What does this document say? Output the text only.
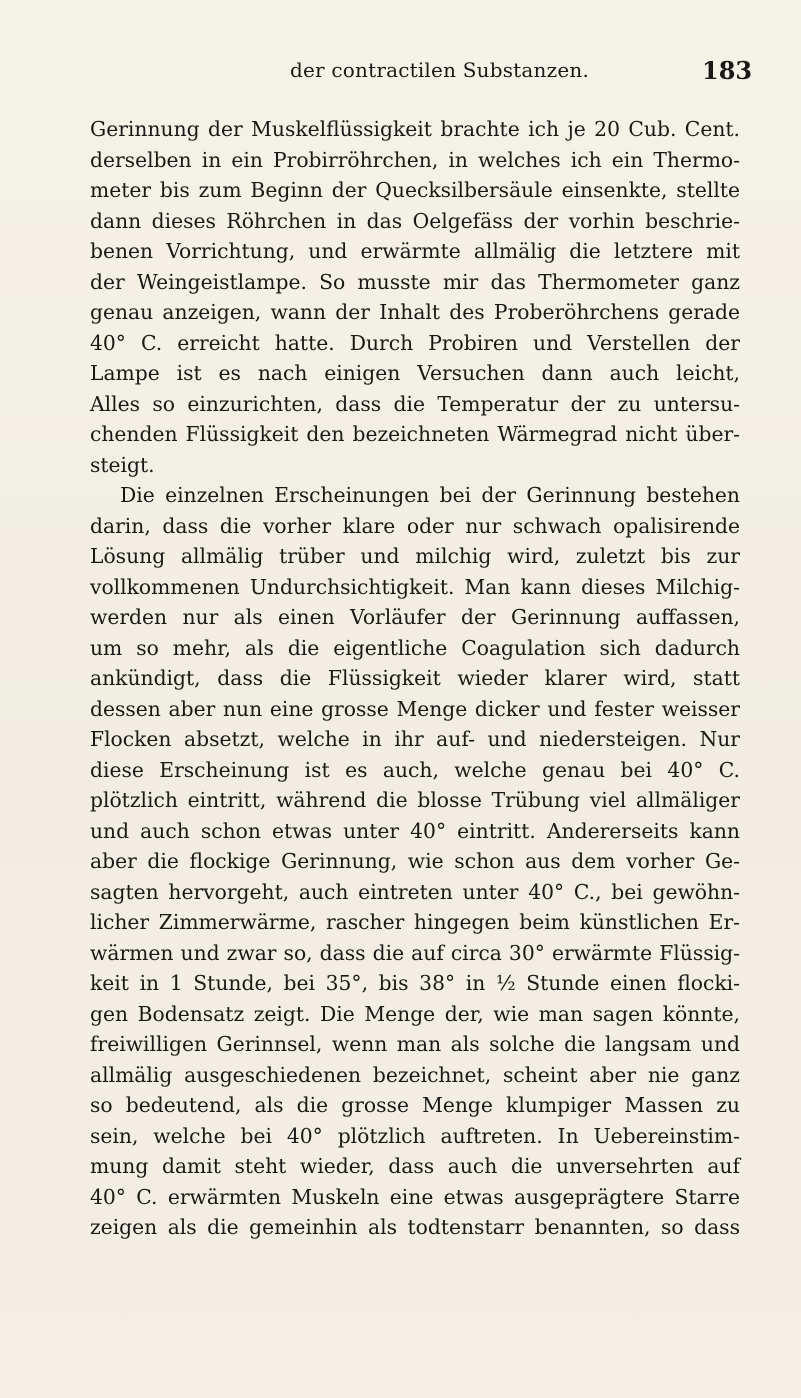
der contractilen Substanzen.	183
Gerinnung der Muskelflüssigkeit brachte ich je 20 Cub. Cent.
derselben in ein Probirröhrchen, in welches ich ein Thermo-
meter bis zum Beginn der Quecksilbersäule einsenkte, stellte
dann dieses Röhrchen in das Oelgefäss der vorhin beschrie-
benen Vorrichtung, und erwärmte allmälig die letztere mit
der Weingeistlampe. So musste mir das Thermometer ganz
genau anzeigen, wann der Inhalt des Proberöhrchens gerade
40° C. erreicht hatte. Durch Probiren und Verstellen der
Lampe ist es nach einigen Versuchen dann auch leicht,
Alles so einzurichten, dass die Temperatur der zu untersu-
chenden Flüssigkeit den bezeichneten Wärmegrad nicht über-
steigt.
Die einzelnen Erscheinungen bei der Gerinnung bestehen
darin, dass die vorher klare oder nur schwach opalisirende
Lösung allmälig trüber und milchig wird, zuletzt bis zur
vollkommenen Undurchsichtigkeit. Man kann dieses Milchig-
werden nur als einen Vorläufer der Gerinnung auffassen,
um so mehr, als die eigentliche Coagulation sich dadurch
ankündigt, dass die Flüssigkeit wieder klarer wird, statt
dessen aber nun eine grosse Menge dicker und fester weisser
Flocken absetzt, welche in ihr auf- und niedersteigen. Nur
diese Erscheinung ist es auch, welche genau bei 40° C.
plötzlich eintritt, während die blosse Trübung viel allmäliger
und auch schon etwas unter 40° eintritt. Andererseits kann
aber die flockige Gerinnung, wie schon aus dem vorher Ge-
sagten hervorgeht, auch eintreten unter 40° C., bei gewöhn-
licher Zimmerwärme, rascher hingegen beim künstlichen Er-
wärmen und zwar so, dass die auf circa 30° erwärmte Flüssig-
keit in 1 Stunde, bei 35°, bis 38° in ½ Stunde einen flocki-
gen Bodensatz zeigt. Die Menge der, wie man sagen könnte,
freiwilligen Gerinnsel, wenn man als solche die langsam und
allmälig ausgeschiedenen bezeichnet, scheint aber nie ganz
so bedeutend, als die grosse Menge klumpiger Massen zu
sein, welche bei 40° plötzlich auftreten. In Uebereinstim-
mung damit steht wieder, dass auch die unversehrten auf
40° C. erwärmten Muskeln eine etwas ausgeprägtere Starre
zeigen als die gemeinhin als todtenstarr benannten, so dass
